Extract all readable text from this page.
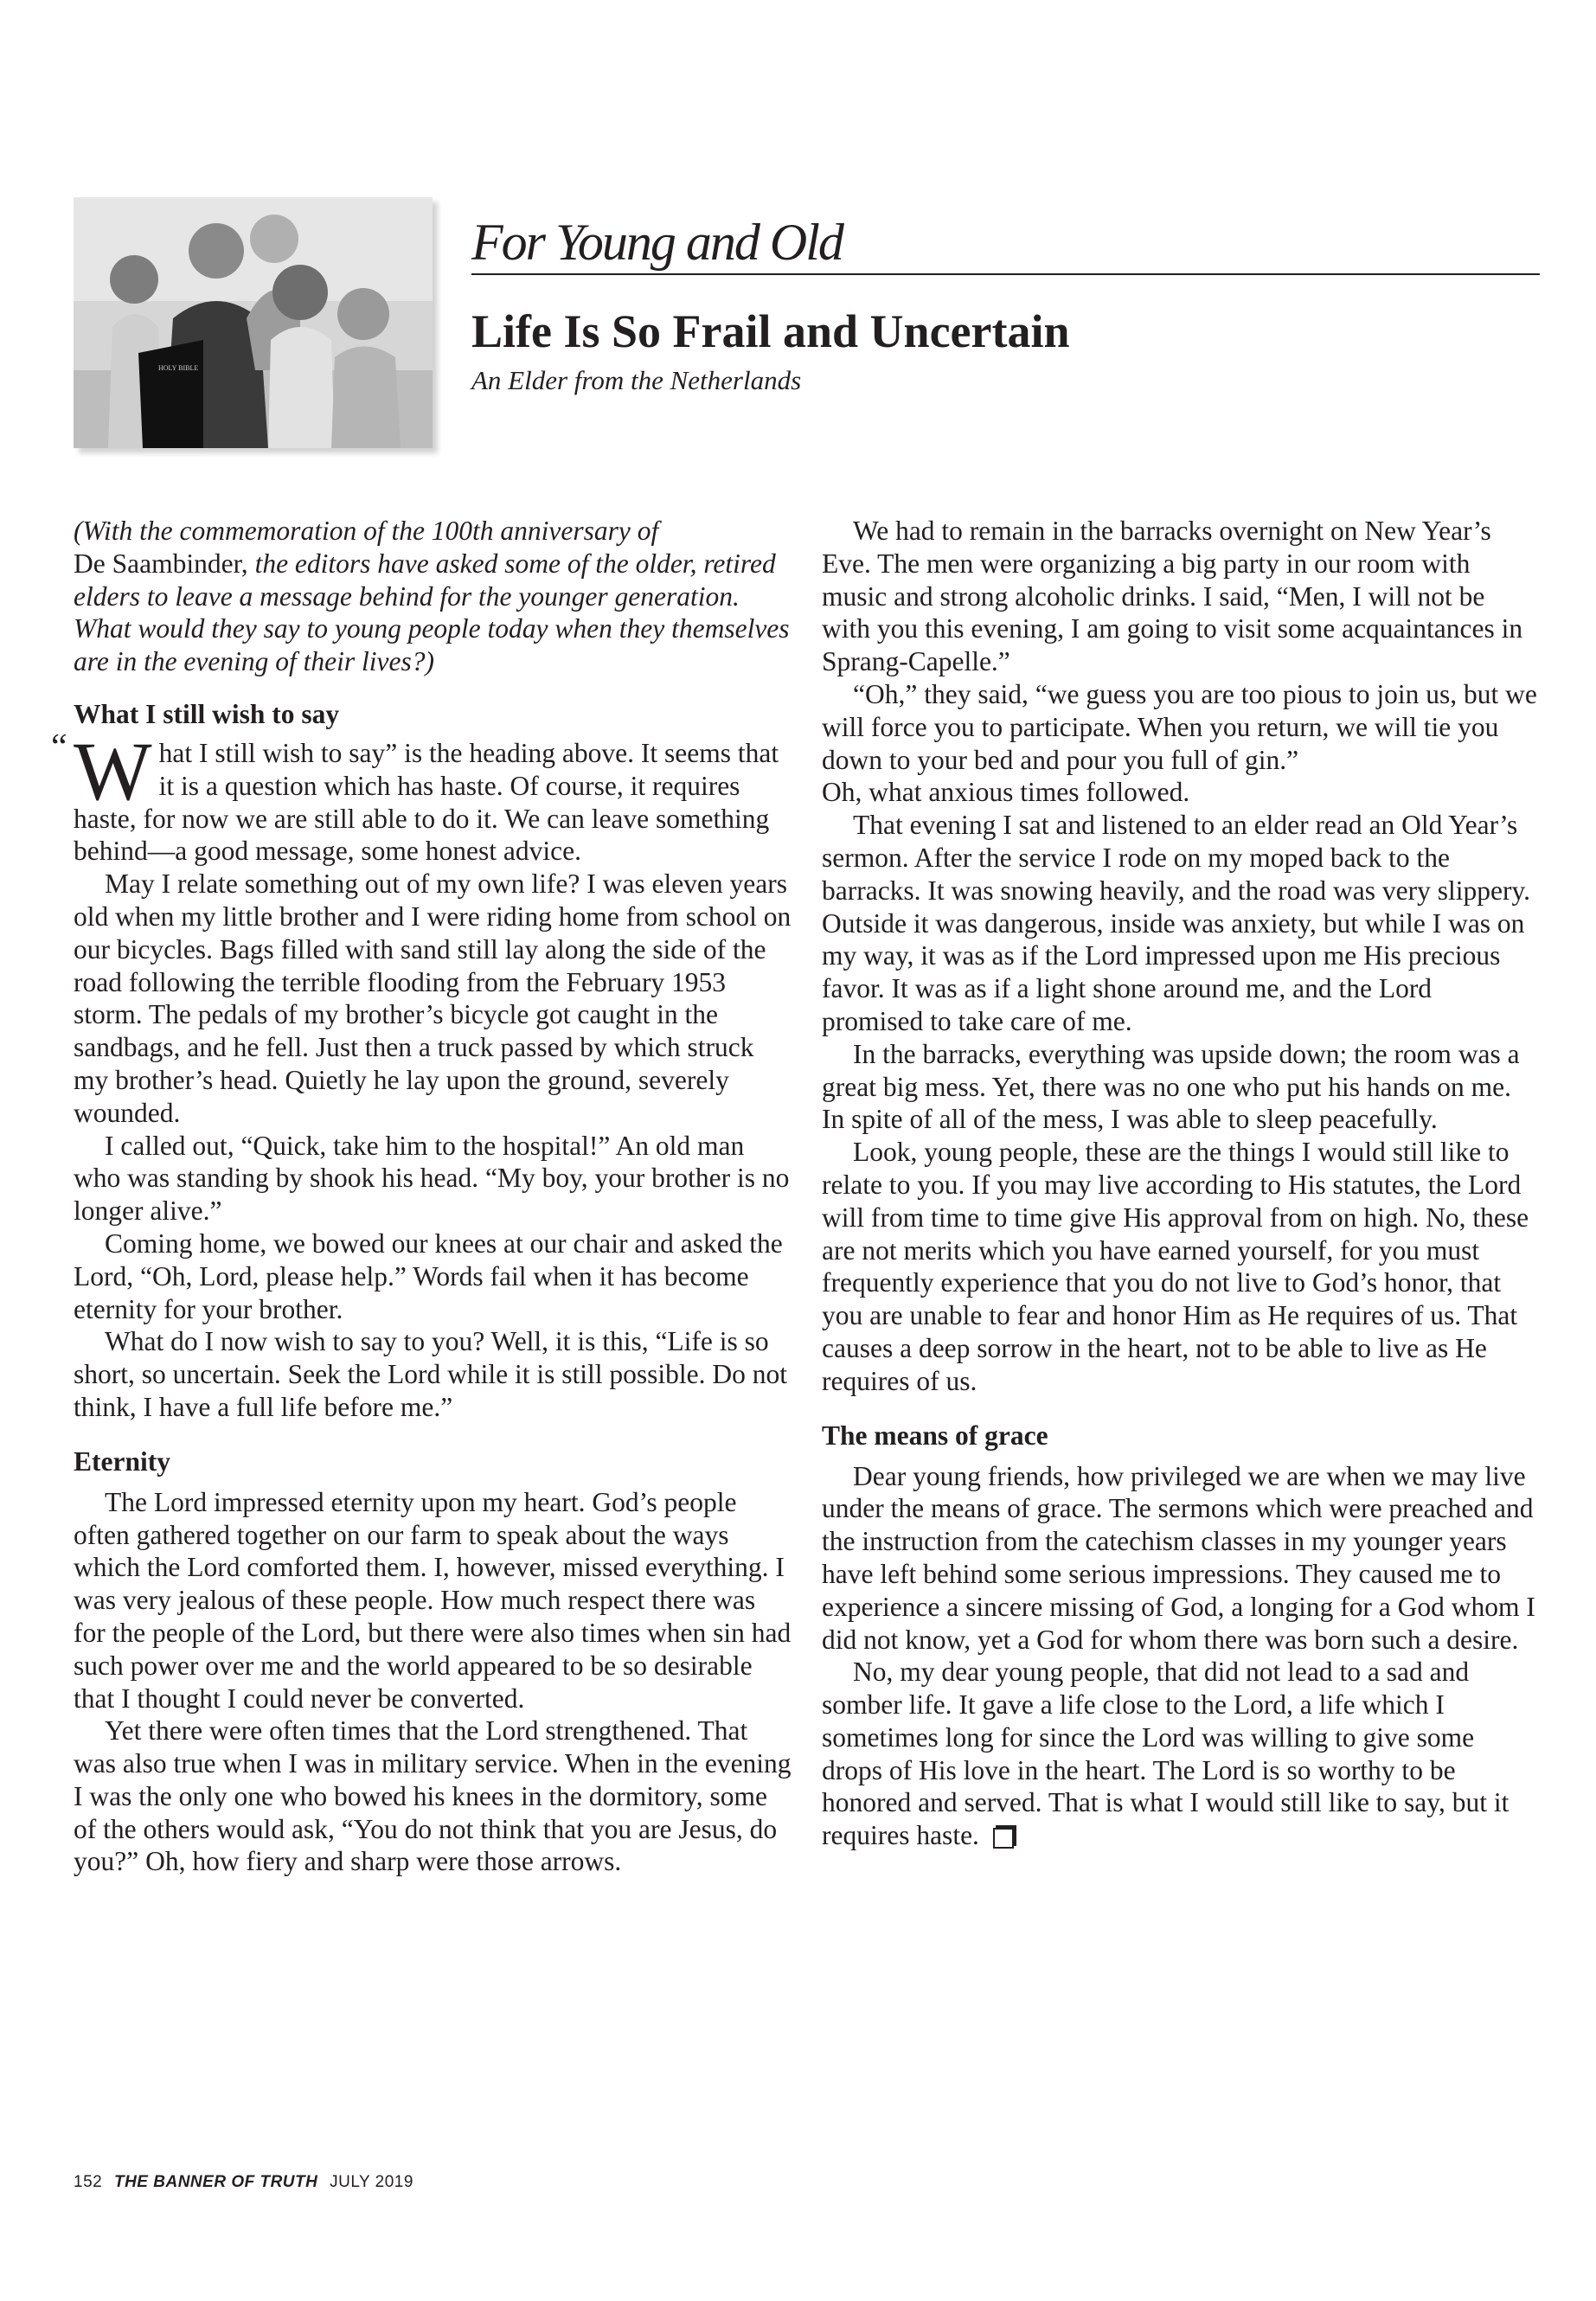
HOLY BIBLE
For Young and Old
Life Is So Frail and Uncertain
An Elder from the Netherlands
(With the commemoration of the 100th anniversary of
De Saambinder, the editors have asked some of the older, retired elders to leave a message behind for the younger generation. What would they say to young people today when they themselves are in the evening of their lives?)
What I still wish to say

“ W hat I still wish to say” is the heading above. It seems that it is a question which has haste. Of course, it requires haste, for now we are still able to do it. We can leave something behind—a good message, some honest advice.

May I relate something out of my own life? I was eleven years old when my little brother and I were riding home from school on our bicycles. Bags filled with sand still lay along the side of the road following the terrible flooding from the February 1953 storm. The pedals of my brother’s bicycle got caught in the sandbags, and he fell. Just then a truck passed by which struck my brother’s head. Quietly he lay upon the ground, severely wounded.

I called out, “Quick, take him to the hospital!” An old man who was standing by shook his head. “My boy, your brother is no longer alive.”

Coming home, we bowed our knees at our chair and asked the Lord, “Oh, Lord, please help.” Words fail when it has become eternity for your brother.

What do I now wish to say to you? Well, it is this, “Life is so short, so uncertain. Seek the Lord while it is still possible. Do not think, I have a full life before me.”

Eternity

The Lord impressed eternity upon my heart. God’s people often gathered together on our farm to speak about the ways which the Lord comforted them. I, however, missed everything. I was very jealous of these people. How much respect there was for the people of the Lord, but there were also times when sin had such power over me and the world appeared to be so desirable that I thought I could never be converted.

Yet there were often times that the Lord strengthened. That was also true when I was in military service. When in the evening I was the only one who bowed his knees in the dormitory, some of the others would ask, “You do not think that you are Jesus, do you?” Oh, how fiery and sharp were those arrows.

We had to remain in the barracks overnight on New Year’s Eve. The men were organizing a big party in our room with music and strong alcoholic drinks. I said, “Men, I will not be with you this evening, I am going to visit some acquaintances in Sprang-Capelle.”

“Oh,” they said, “we guess you are too pious to join us, but we will force you to participate. When you return, we will tie you down to your bed and pour you full of gin.”

Oh, what anxious times followed.

That evening I sat and listened to an elder read an Old Year’s sermon. After the service I rode on my moped back to the barracks. It was snowing heavily, and the road was very slippery. Outside it was dangerous, inside was anxiety, but while I was on my way, it was as if the Lord impressed upon me His precious favor. It was as if a light shone around me, and the Lord promised to take care of me.

In the barracks, everything was upside down; the room was a great big mess. Yet, there was no one who put his hands on me. In spite of all of the mess, I was able to sleep peacefully.

Look, young people, these are the things I would still like to relate to you. If you may live according to His statutes, the Lord will from time to time give His approval from on high. No, these are not merits which you have earned yourself, for you must frequently experience that you do not live to God’s honor, that you are unable to fear and honor Him as He requires of us. That causes a deep sorrow in the heart, not to be able to live as He requires of us.

The means of grace

Dear young friends, how privileged we are when we may live under the means of grace. The sermons which were preached and the instruction from the catechism classes in my younger years have left behind some serious impressions. They caused me to experience a sincere missing of God, a longing for a God whom I did not know, yet a God for whom there was born such a desire.

No, my dear young people, that did not lead to a sad and somber life. It gave a life close to the Lord, a life which I sometimes long for since the Lord was willing to give some drops of His love in the heart. The Lord is so worthy to be honored and served. That is what I would still like to say, but it requires haste.

152 THE BANNER OF TRUTH JULY 2019
